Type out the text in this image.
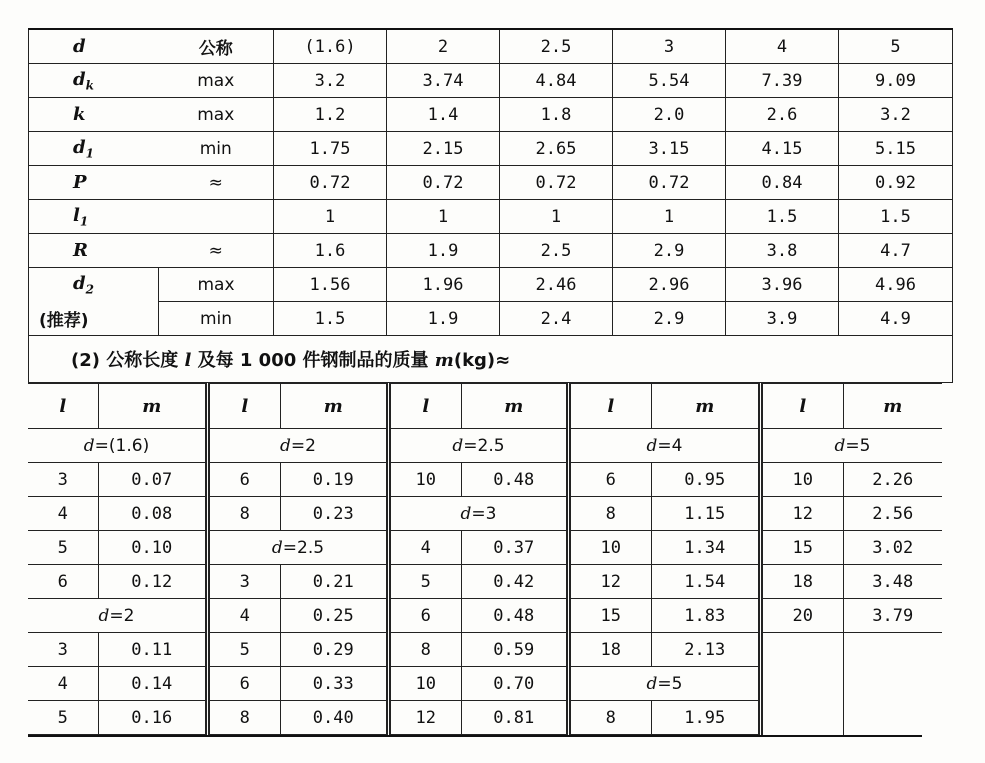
d	公称	(1.6)	2	2.5	3	4	5
$d_k$	max	3.2	3.74	4.84	5.54	7.39	9.09
k	max	1.2	1.4	1.8	2.0	2.6	3.2
$d_1$	min	1.75	2.15	2.65	3.15	4.15	5.15
P	≈	0.72	0.72	0.72	0.72	0.84	0.92
$l_1$		1	1	1	1	1.5	1.5
R	≈	1.6	1.9	2.5	2.9	3.8	4.7
$d_2$	max	1.56	1.96	2.46	2.96	3.96	4.96
(推荐)	min	1.5	1.9	2.4	2.9	3.9	4.9
(2) 公称长度 l 及每 1 000 件钢制品的质量 m(kg)≈							
l	m
d=(1.6)	
3	0.07
4	0.08
5	0.10
6	0.12
d=2	
3	0.11
4	0.14
5	0.16
l	m
d=2	
6	0.19
8	0.23
d=2.5	
3	0.21
4	0.25
5	0.29
6	0.33
8	0.40
l	m
d=2.5	
10	0.48
d=3	
4	0.37
5	0.42
6	0.48
8	0.59
10	0.70
12	0.81
l	m
d=4	
6	0.95
8	1.15
10	1.34
12	1.54
15	1.83
18	2.13
d=5	
8	1.95
l	m
d=5	
10	2.26
12	2.56
15	3.02
18	3.48
20	3.79
